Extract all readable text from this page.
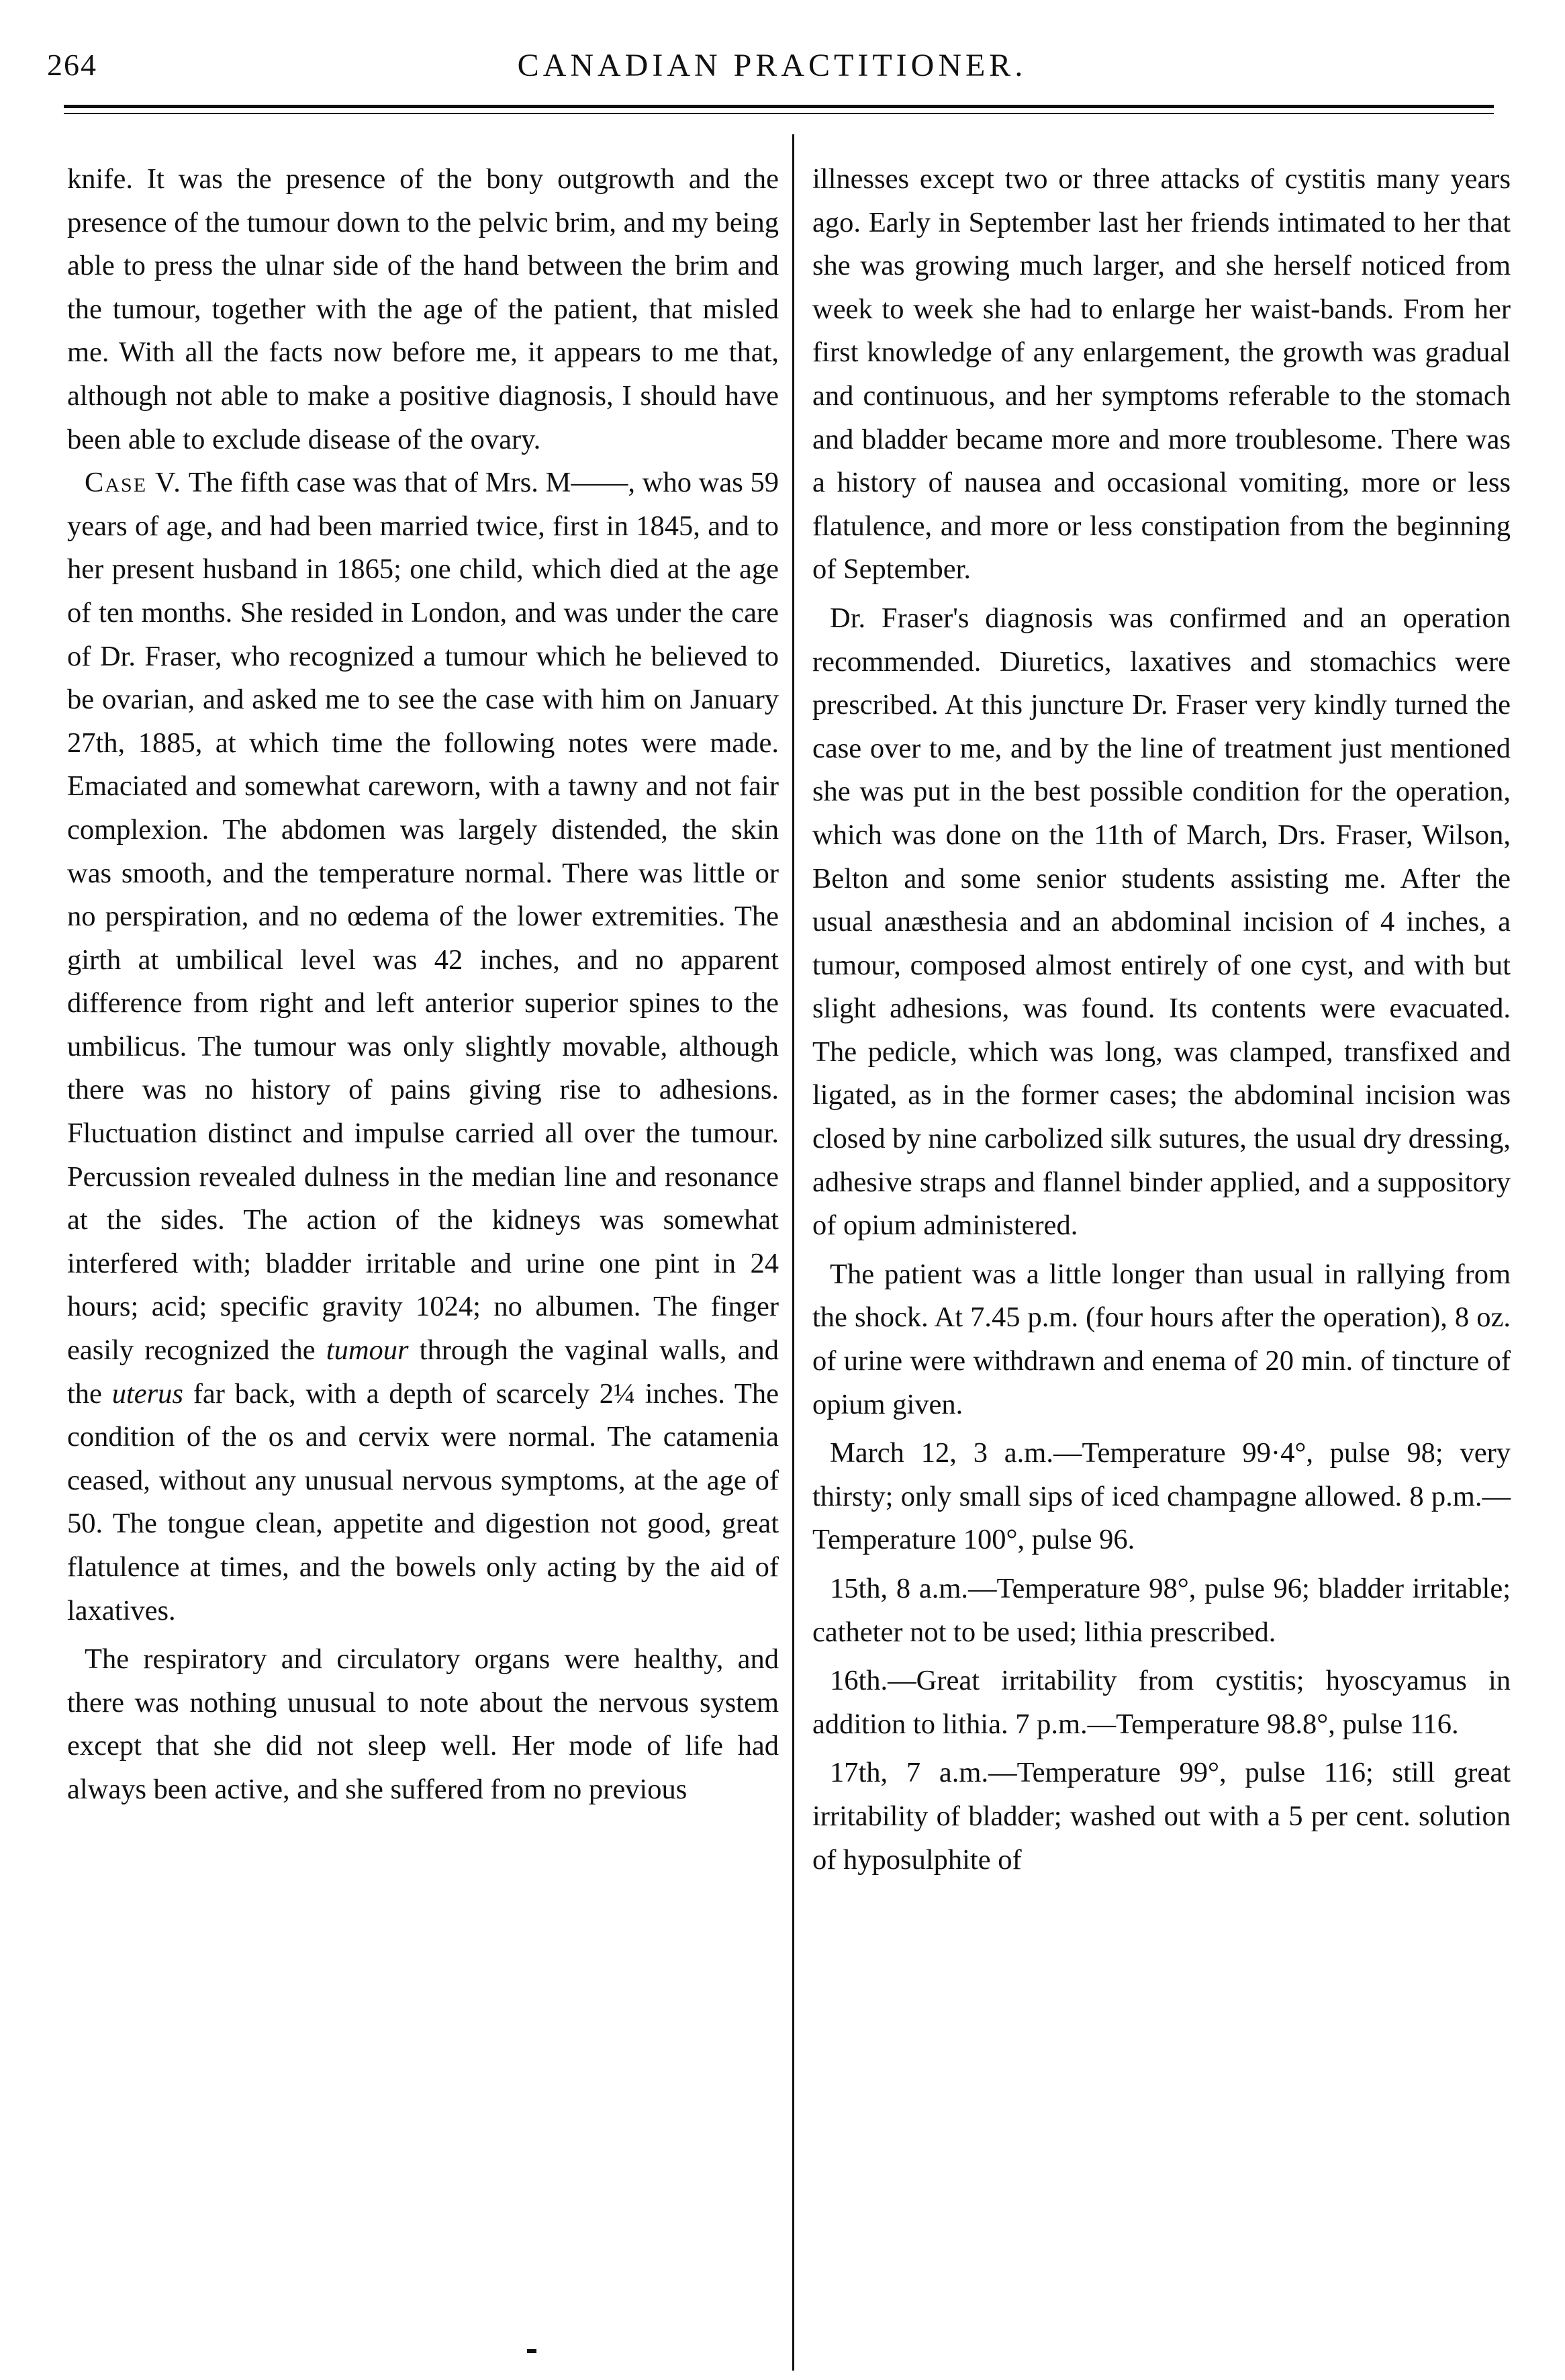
264	CANADIAN PRACTITIONER.

knife. It was the presence of the bony outgrowth and the presence of the tumour down to the pelvic brim, and my being able to press the ulnar side of the hand between the brim and the tumour, together with the age of the patient, that misled me. With all the facts now before me, it appears to me that, although not able to make a positive diagnosis, I should have been able to exclude disease of the ovary.

Case V. The fifth case was that of Mrs. M——, who was 59 years of age, and had been married twice, first in 1845, and to her present husband in 1865; one child, which died at the age of ten months. She resided in London, and was under the care of Dr. Fraser, who recognized a tumour which he believed to be ovarian, and asked me to see the case with him on January 27th, 1885, at which time the following notes were made. Emaciated and somewhat careworn, with a tawny and not fair complexion. The abdomen was largely distended, the skin was smooth, and the temperature normal. There was little or no perspiration, and no œdema of the lower extremities. The girth at umbilical level was 42 inches, and no apparent difference from right and left anterior superior spines to the umbilicus. The tumour was only slightly movable, although there was no history of pains giving rise to adhesions. Fluctuation distinct and impulse carried all over the tumour. Percussion revealed dulness in the median line and resonance at the sides. The action of the kidneys was somewhat interfered with; bladder irritable and urine one pint in 24 hours; acid; specific gravity 1024; no albumen. The finger easily recognized the tumour through the vaginal walls, and the uterus far back, with a depth of scarcely 2¼ inches. The condition of the os and cervix were normal. The catamenia ceased, without any unusual nervous symptoms, at the age of 50. The tongue clean, appetite and digestion not good, great flatulence at times, and the bowels only acting by the aid of laxatives.

The respiratory and circulatory organs were healthy, and there was nothing unusual to note about the nervous system except that she did not sleep well. Her mode of life had always been active, and she suffered from no previous

illnesses except two or three attacks of cystitis many years ago. Early in September last her friends intimated to her that she was growing much larger, and she herself noticed from week to week she had to enlarge her waist-bands. From her first knowledge of any enlargement, the growth was gradual and continuous, and her symptoms referable to the stomach and bladder became more and more troublesome. There was a history of nausea and occasional vomiting, more or less flatulence, and more or less constipation from the beginning of September.

Dr. Fraser's diagnosis was confirmed and an operation recommended. Diuretics, laxatives and stomachics were prescribed. At this juncture Dr. Fraser very kindly turned the case over to me, and by the line of treatment just mentioned she was put in the best possible condition for the operation, which was done on the 11th of March, Drs. Fraser, Wilson, Belton and some senior students assisting me. After the usual anæsthesia and an abdominal incision of 4 inches, a tumour, composed almost entirely of one cyst, and with but slight adhesions, was found. Its contents were evacuated. The pedicle, which was long, was clamped, transfixed and ligated, as in the former cases; the abdominal incision was closed by nine carbolized silk sutures, the usual dry dressing, adhesive straps and flannel binder applied, and a suppository of opium administered.

The patient was a little longer than usual in rallying from the shock. At 7.45 p.m. (four hours after the operation), 8 oz. of urine were withdrawn and enema of 20 min. of tincture of opium given.

March 12, 3 a.m.—Temperature 99·4°, pulse 98; very thirsty; only small sips of iced champagne allowed. 8 p.m.—Temperature 100°, pulse 96.

15th, 8 a.m.—Temperature 98°, pulse 96; bladder irritable; catheter not to be used; lithia prescribed.

16th.—Great irritability from cystitis; hyoscyamus in addition to lithia. 7 p.m.—Temperature 98.8°, pulse 116.

17th, 7 a.m.—Temperature 99°, pulse 116; still great irritability of bladder; washed out with a 5 per cent. solution of hyposulphite of
